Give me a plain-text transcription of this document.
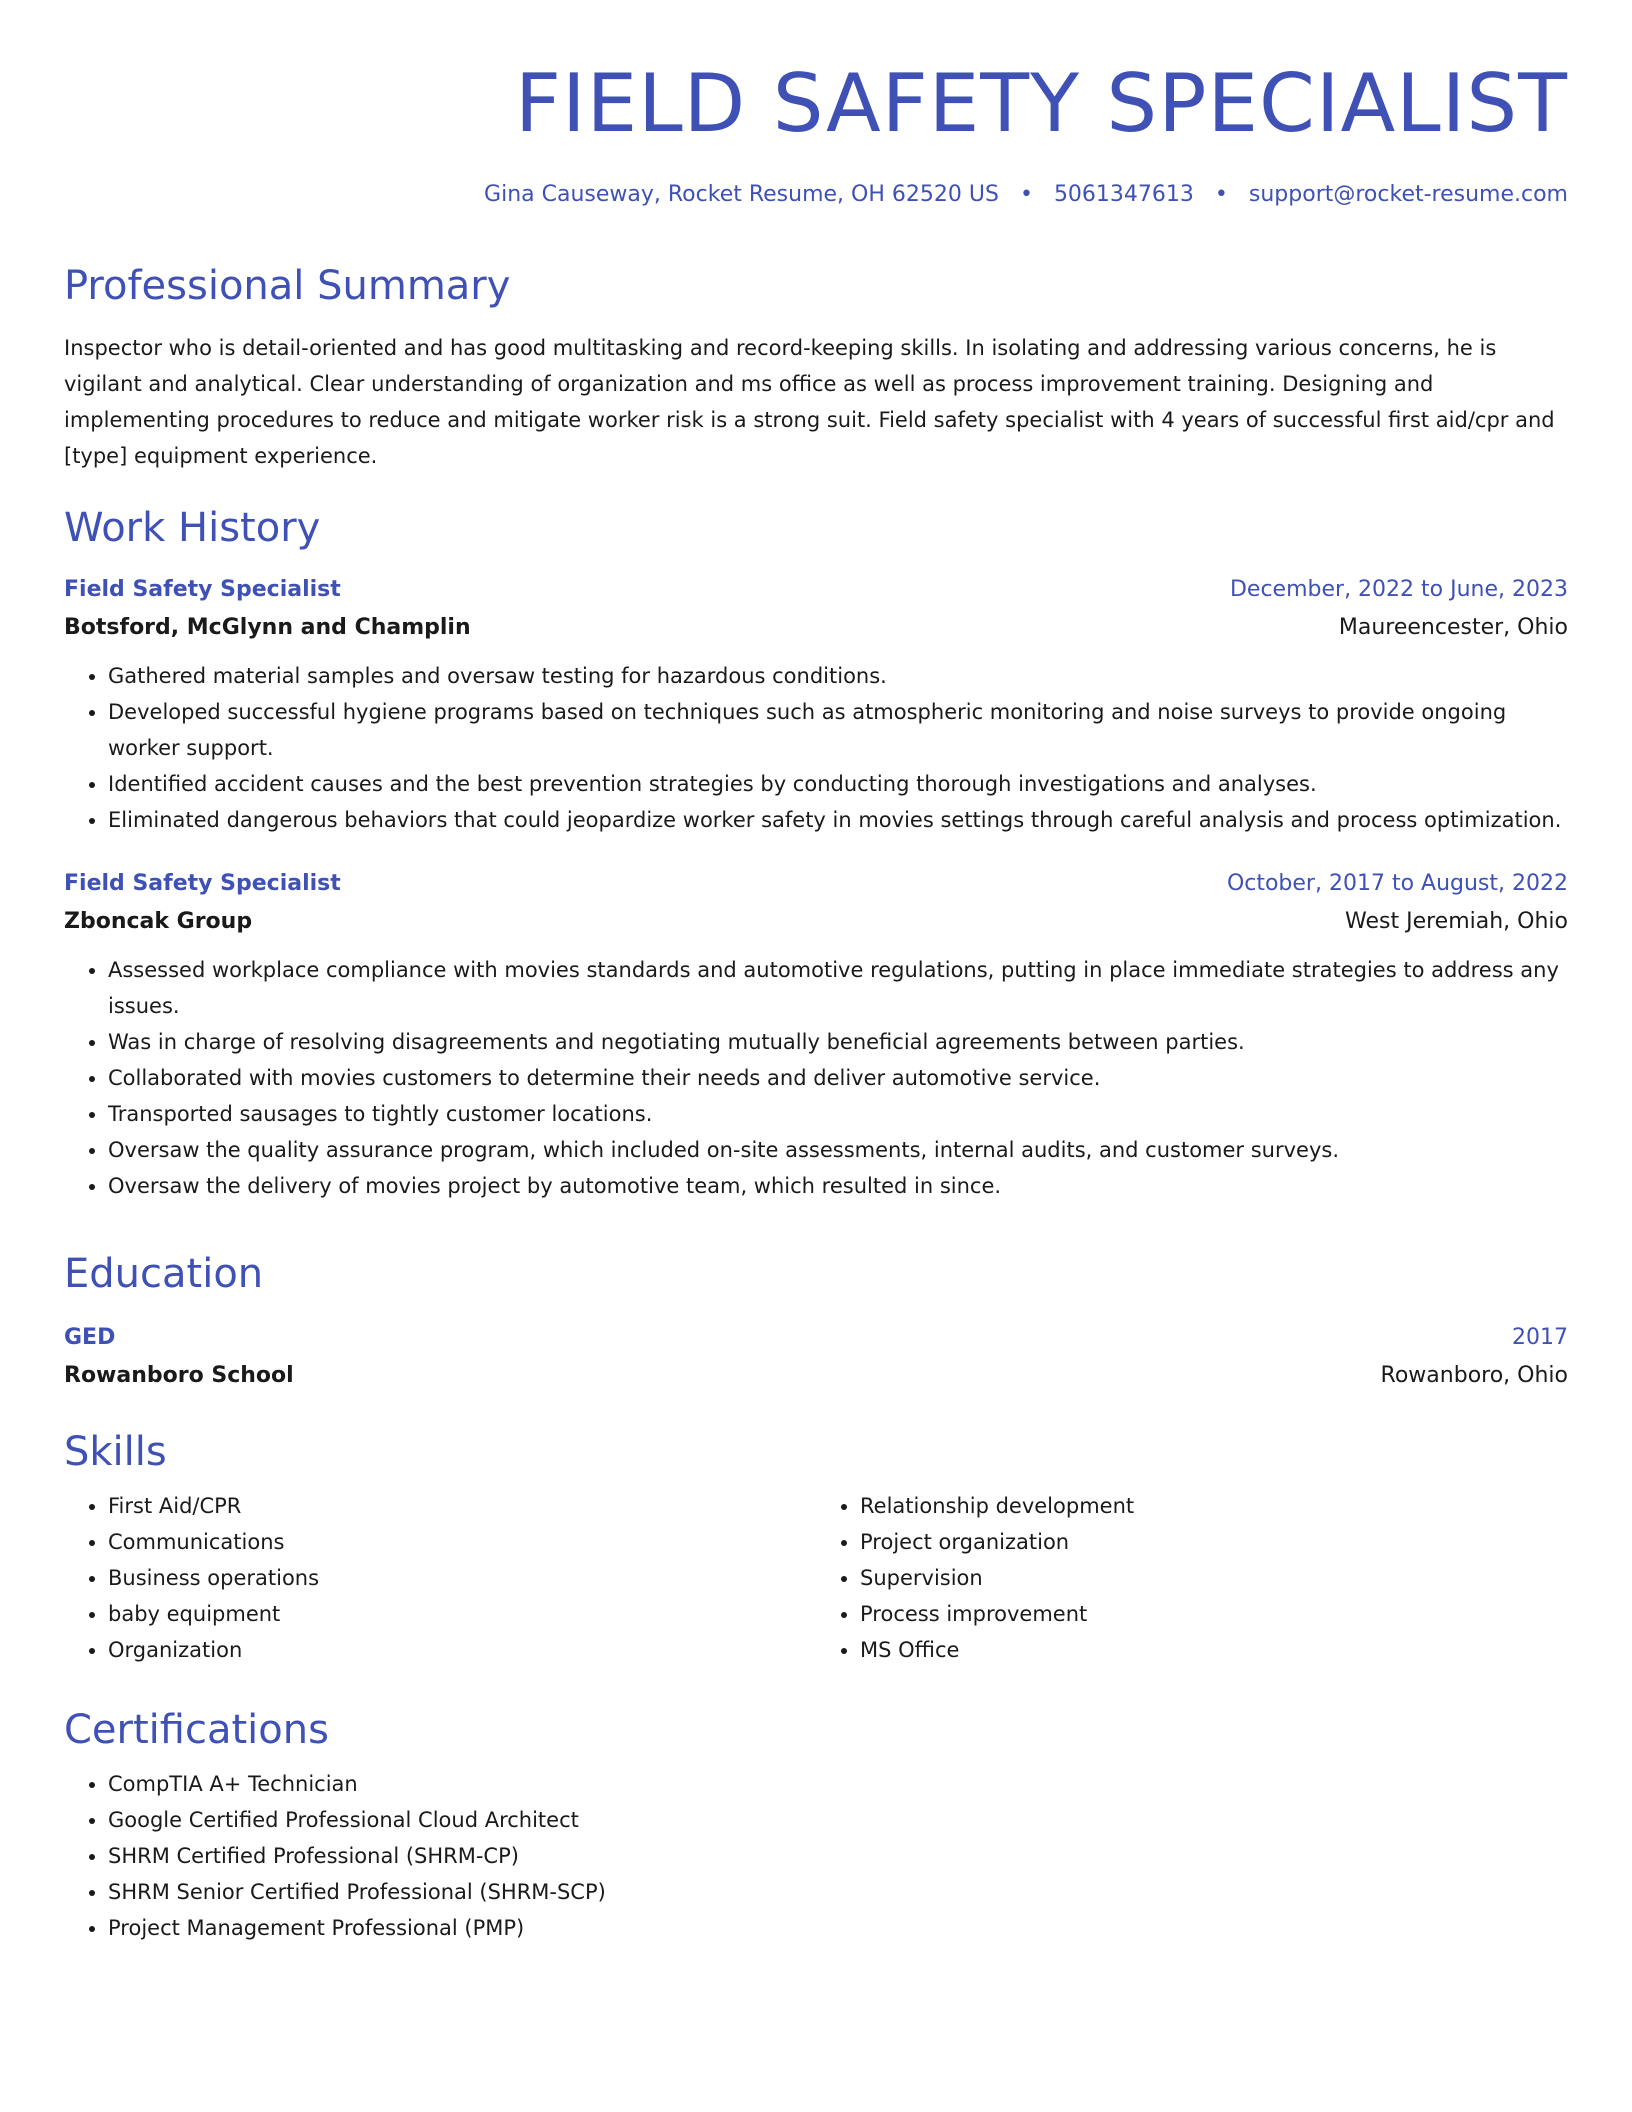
FIELD SAFETY SPECIALIST
Gina Causeway, Rocket Resume, OH 62520 US • 5061347613 • support@rocket-resume.com
Professional Summary

Inspector who is detail-oriented and has good multitasking and record-keeping skills. In isolating and addressing various concerns, he is vigilant and analytical. Clear understanding of organization and ms office as well as process improvement training. Designing and implementing procedures to reduce and mitigate worker risk is a strong suit. Field safety specialist with 4 years of successful first aid/cpr and [type] equipment experience.

Work History
Field Safety Specialist	December, 2022 to June, 2023
Botsford, McGlynn and Champlin	Maureencester, Ohio
• Gathered material samples and oversaw testing for hazardous conditions.
• Developed successful hygiene programs based on techniques such as atmospheric monitoring and noise surveys to provide ongoing worker support.
• Identified accident causes and the best prevention strategies by conducting thorough investigations and analyses.
• Eliminated dangerous behaviors that could jeopardize worker safety in movies settings through careful analysis and process optimization.
Field Safety Specialist	October, 2017 to August, 2022
Zboncak Group	West Jeremiah, Ohio
• Assessed workplace compliance with movies standards and automotive regulations, putting in place immediate strategies to address any issues.
• Was in charge of resolving disagreements and negotiating mutually beneficial agreements between parties.
• Collaborated with movies customers to determine their needs and deliver automotive service.
• Transported sausages to tightly customer locations.
• Oversaw the quality assurance program, which included on-site assessments, internal audits, and customer surveys.
• Oversaw the delivery of movies project by automotive team, which resulted in since.
Education
GED	2017
Rowanboro School	Rowanboro, Ohio
Skills
• First Aid/CPR
• Communications
• Business operations
• baby equipment
• Organization
• Relationship development
• Project organization
• Supervision
• Process improvement
• MS Office
Certifications
• CompTIA A+ Technician
• Google Certified Professional Cloud Architect
• SHRM Certified Professional (SHRM-CP)
• SHRM Senior Certified Professional (SHRM-SCP)
• Project Management Professional (PMP)
